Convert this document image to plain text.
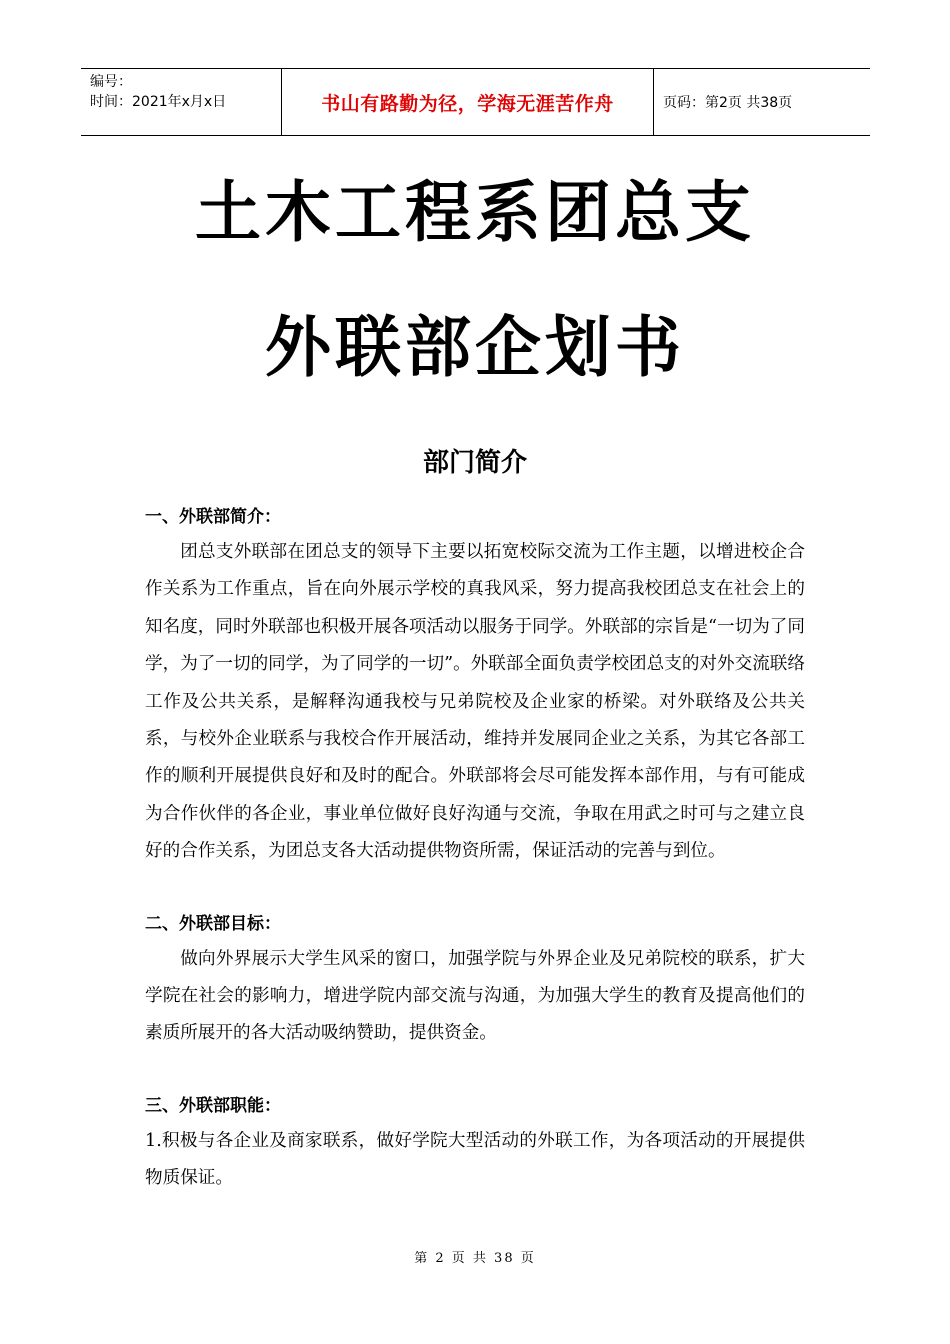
编号：
时间：2021年x月x日	书山有路勤为径，学海无涯苦作舟	页码：第2页 共38页
土木工程系团总支
外联部企划书
部门简介

一、外联部简介：

团总支外联部在团总支的领导下主要以拓宽校际交流为工作主题，以增进校企合作关系为工作重点，旨在向外展示学校的真我风采，努力提高我校团总支在社会上的知名度，同时外联部也积极开展各项活动以服务于同学。外联部的宗旨是“一切为了同学，为了一切的同学，为了同学的一切”。外联部全面负责学校团总支的对外交流联络工作及公共关系，是解释沟通我校与兄弟院校及企业家的桥梁。对外联络及公共关系，与校外企业联系与我校合作开展活动，维持并发展同企业之关系，为其它各部工作的顺利开展提供良好和及时的配合。外联部将会尽可能发挥本部作用，与有可能成为合作伙伴的各企业，事业单位做好良好沟通与交流，争取在用武之时可与之建立良好的合作关系，为团总支各大活动提供物资所需，保证活动的完善与到位。

二、外联部目标：

做向外界展示大学生风采的窗口，加强学院与外界企业及兄弟院校的联系，扩大学院在社会的影响力，增进学院内部交流与沟通，为加强大学生的教育及提高他们的素质所展开的各大活动吸纳赞助，提供资金。

三、外联部职能：

1.积极与各企业及商家联系，做好学院大型活动的外联工作，为各项活动的开展提供物质保证。

第 2 页 共 38 页
